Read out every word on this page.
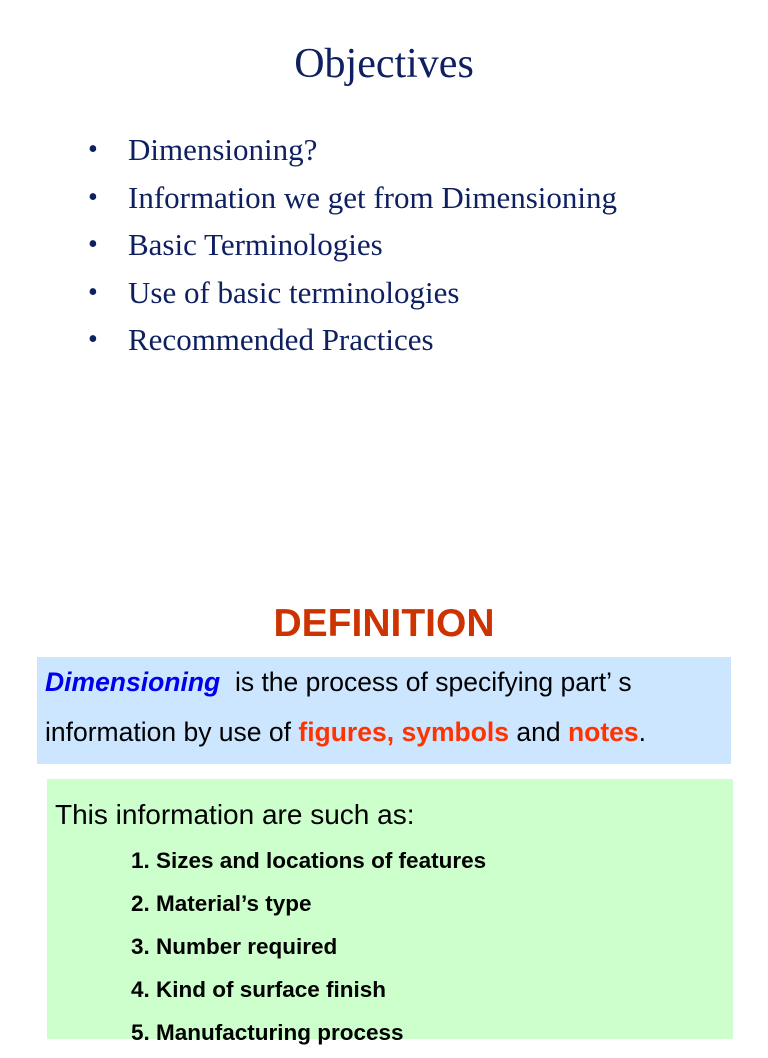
Objectives
• Dimensioning?
• Information we get from Dimensioning
• Basic Terminologies
• Use of basic terminologies
• Recommended Practices
DEFINITION
Dimensioning is the process of specifying part’ s
information by use of figures, symbols and notes.
This information are such as:
1. Sizes and locations of features
2. Material’s type
3. Number required
4. Kind of surface finish
5. Manufacturing process
